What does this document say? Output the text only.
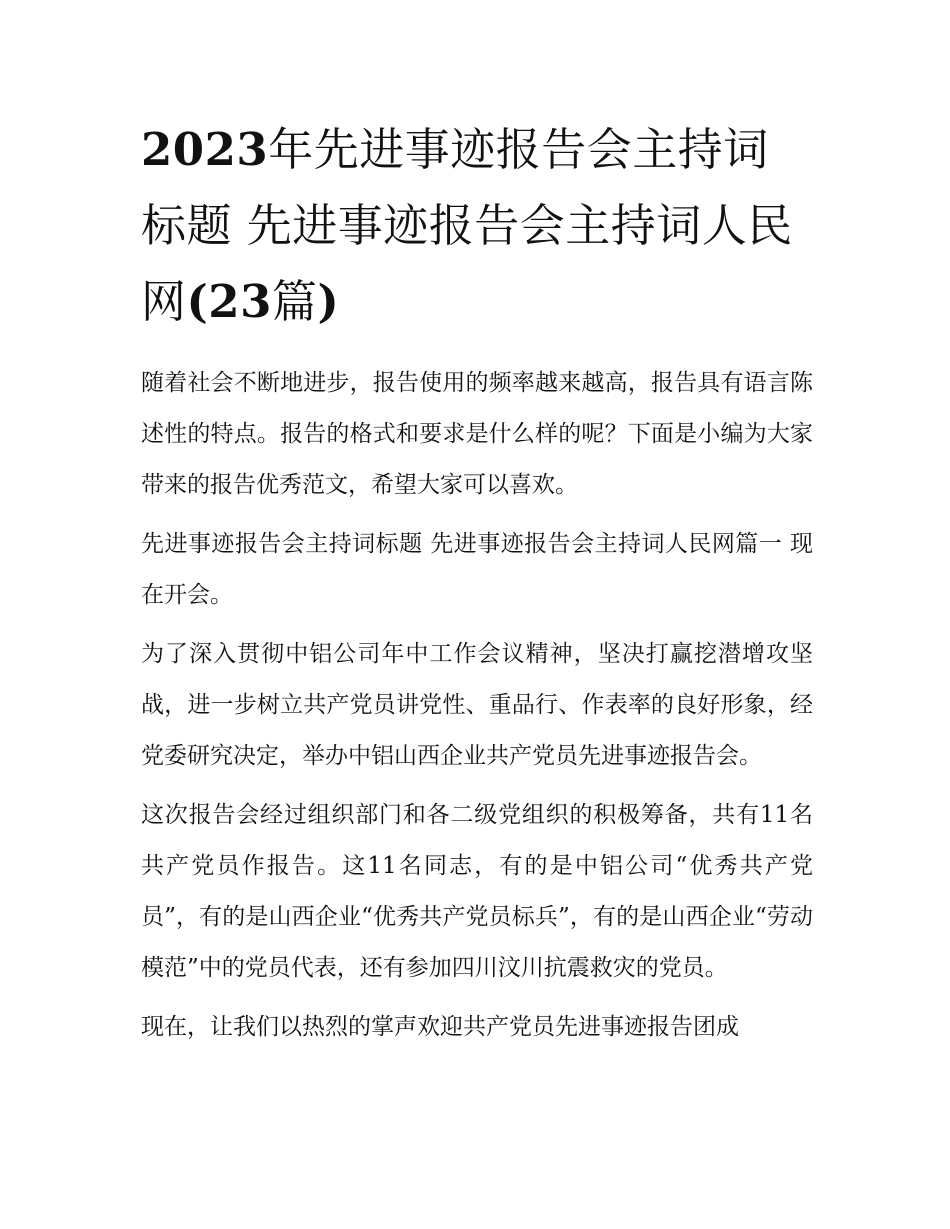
2023年先进事迹报告会主持词标题 先进事迹报告会主持词人民网(23篇)

随着社会不断地进步，报告使用的频率越来越高，报告具有语言陈述性的特点。报告的格式和要求是什么样的呢？下面是小编为大家带来的报告优秀范文，希望大家可以喜欢。

先进事迹报告会主持词标题 先进事迹报告会主持词人民网篇一 现在开会。

为了深入贯彻中铝公司年中工作会议精神，坚决打赢挖潜增攻坚战，进一步树立共产党员讲党性、重品行、作表率的良好形象，经党委研究决定，举办中铝山西企业共产党员先进事迹报告会。

这次报告会经过组织部门和各二级党组织的积极筹备，共有11名共产党员作报告。这11名同志，有的是中铝公司“优秀共产党员”，有的是山西企业“优秀共产党员标兵”，有的是山西企业“劳动模范”中的党员代表，还有参加四川汶川抗震救灾的党员。

现在，让我们以热烈的掌声欢迎共产党员先进事迹报告团成
